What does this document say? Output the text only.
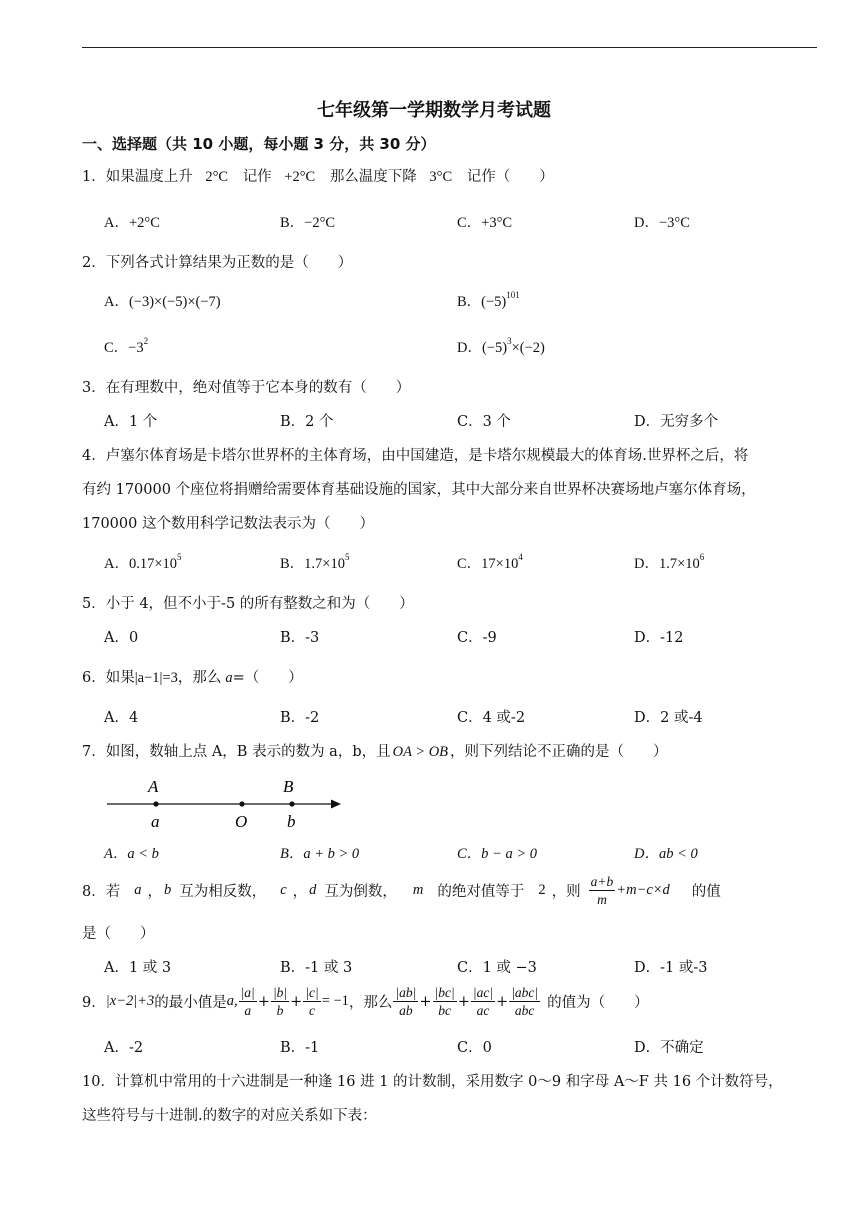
七年级第一学期数学月考试题
一、选择题（共 10 小题，每小题 3 分，共 30 分）
1．如果温度上升 2°C 记作 +2°C 那么温度下降 3°C 记作（　　）
A．+2°C	B．−2°C	C．+3°C	D．−3°C
2．下列各式计算结果为正数的是（　　）
A．(−3)×(−5)×(−7)	B．$(-5)^{101}$
C．$-3^2$	D．$(-5)^3\times(-2)$
3．在有理数中，绝对值等于它本身的数有（　　）
A．1 个	B．2 个	C．3 个	D．无穷多个
4．卢塞尔体育场是卡塔尔世界杯的主体育场，由中国建造，是卡塔尔规模最大的体育场.世界杯之后，将
有约 170000 个座位将捐赠给需要体育基础设施的国家，其中大部分来自世界杯决赛场地卢塞尔体育场，
170000 这个数用科学记数法表示为（　　）
A．$0.17\times 10^5$	B．$1.7\times 10^5$	C．$17\times 10^4$	D．$1.7\times 10^6$
5．小于 4，但不小于-5 的所有整数之和为（　　）
A．0	B．-3	C．-9	D．-12
6．如果|a−1|=3，那么 a=（　　）
A．4	B．-2	C．4 或-2	D．2 或-4
7．如图，数轴上点 A，B 表示的数为 a，b，且 OA > OB ，则下列结论不正确的是（　　）
A	B
a	O b
A．a < b	B．a + b > 0	C．b − a > 0	D．ab < 0
8．若 a ， b 互为相反数， c ， d 互为倒数， m 的绝对值等于 2 ，则 $\frac{a+b}{m} +m-c\times d$ 的值
是（　　）
A．1 或 3	B．-1 或 3	C．1 或 −3	D．-1 或-3
9． |x−2|+3 的最小值是 a, $\frac{|a|}{a} + \frac{|b|}{b} + \frac{|c|}{c} = -1$ ，那么 $\frac{|ab|}{ab} + \frac{|bc|}{bc} + \frac{|ac|}{ac} + \frac{\text{|abc|}}{\text{abc}}$ 的值为（　　）
A．-2	B．-1	C．0	D．不确定
10．计算机中常用的十六进制是一种逢 16 进 1 的计数制，采用数字 0～9 和字母 A～F 共 16 个计数符号，
这些符号与十进制.的数字的对应关系如下表：
